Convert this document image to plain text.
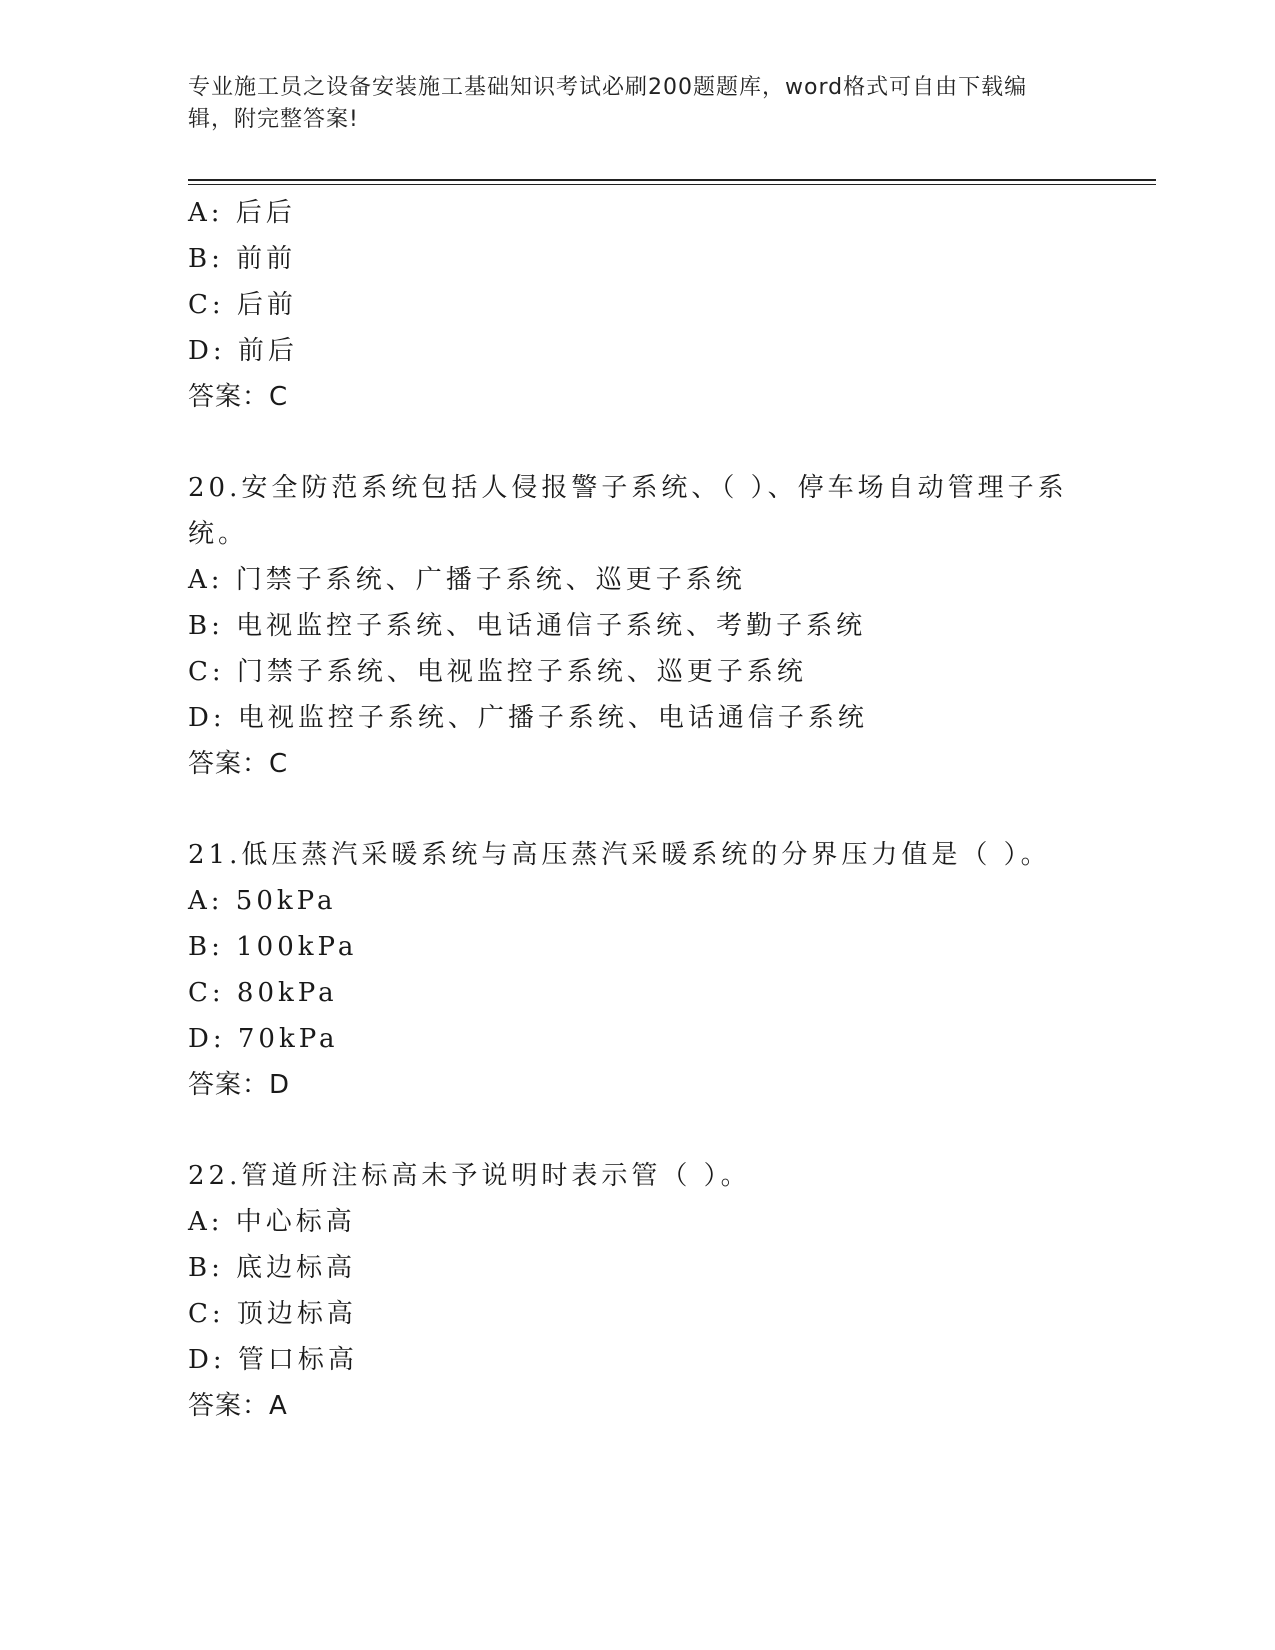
专业施工员之设备安装施工基础知识考试必刷200题题库，word格式可自由下载编辑，附完整答案!
A: 后后
B: 前前
C: 后前
D: 前后
答案：C
20.安全防范系统包括人侵报警子系统、（ ）、停车场自动管理子系统。
A: 门禁子系统、广播子系统、巡更子系统
B: 电视监控子系统、电话通信子系统、考勤子系统
C: 门禁子系统、电视监控子系统、巡更子系统
D: 电视监控子系统、广播子系统、电话通信子系统
答案：C
21.低压蒸汽采暖系统与高压蒸汽采暖系统的分界压力值是（ ）。
A: 50kPa
B: 100kPa
C: 80kPa
D: 70kPa
答案：D
22.管道所注标高未予说明时表示管（ ）。
A: 中心标高
B: 底边标高
C: 顶边标高
D: 管口标高
答案：A
